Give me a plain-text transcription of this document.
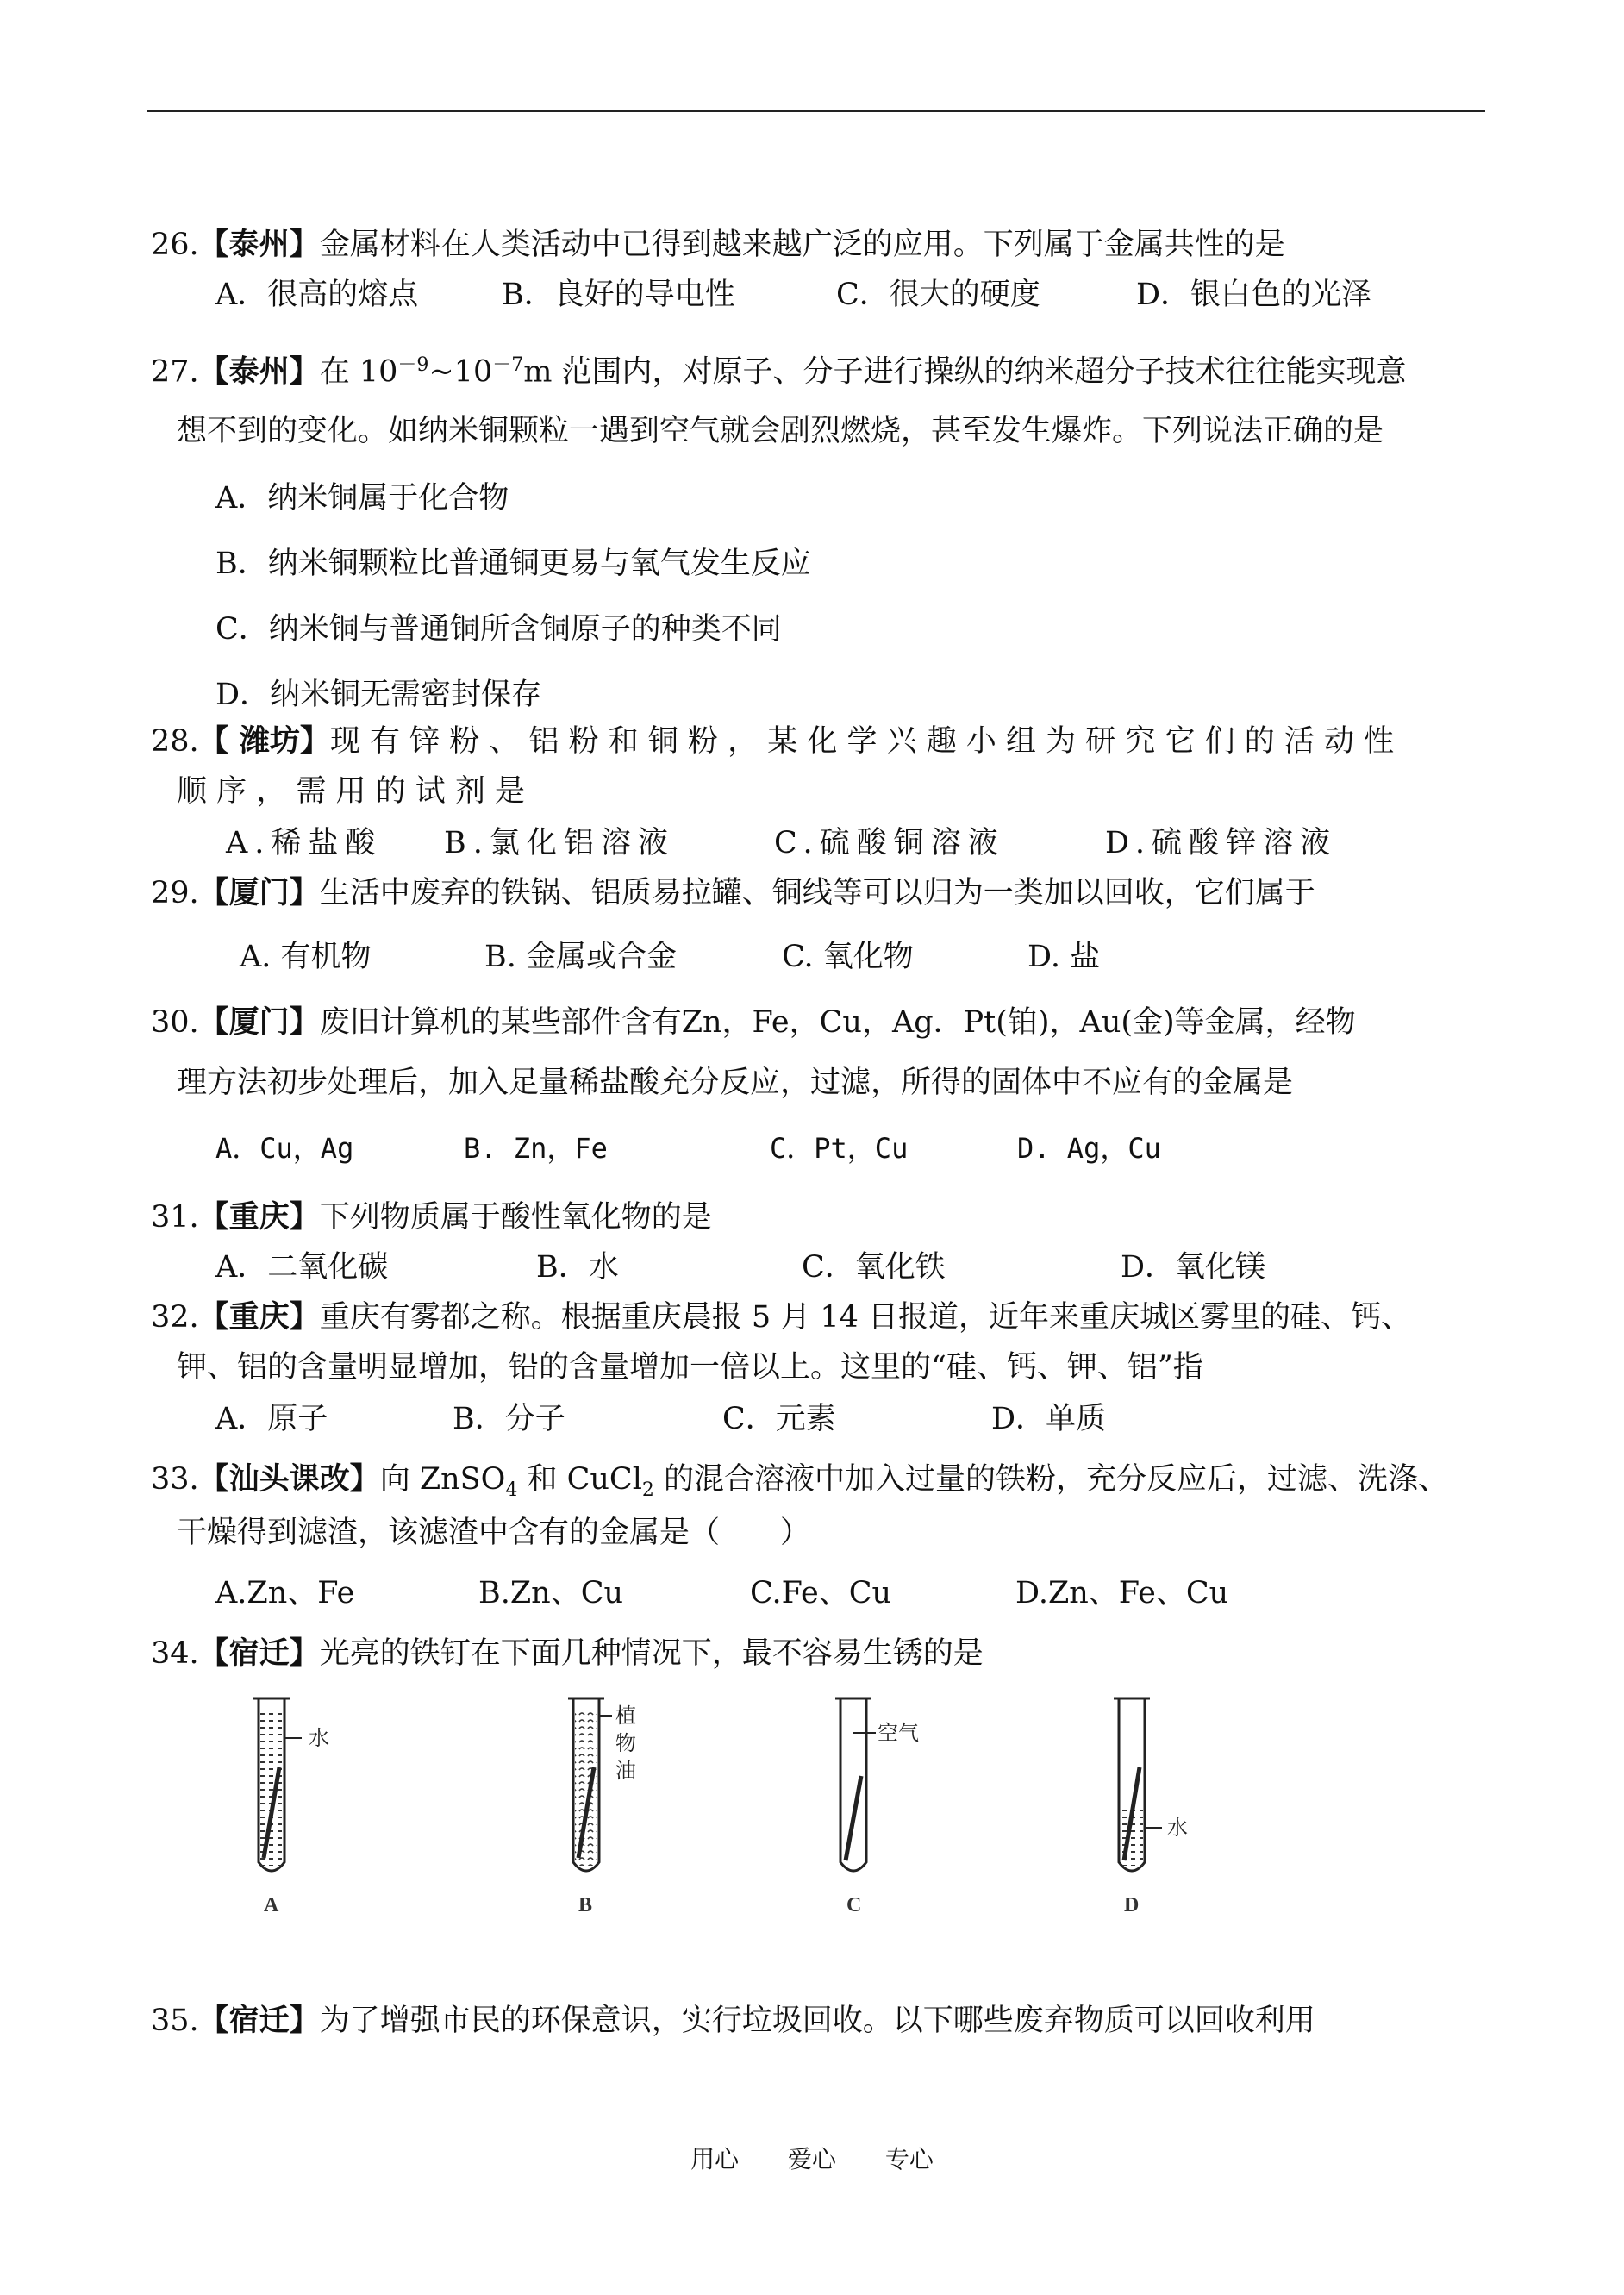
26.【泰州】金属材料在人类活动中已得到越来越广泛的应用。下列属于金属共性的是
A．很高的熔点	B．良好的导电性	C．很大的硬度	D．银白色的光泽
27.【泰州】在 $10^{-9}\sim 10^{-7}m$ 范围内，对原子、分子进行操纵的纳米超分子技术往往能实现意
想不到的变化。如纳米铜颗粒一遇到空气就会剧烈燃烧，甚至发生爆炸。下列说法正确的是
A．纳米铜属于化合物
B．纳米铜颗粒比普通铜更易与氧气发生反应
C．纳米铜与普通铜所含铜原子的种类不同
D．纳米铜无需密封保存
28.【 潍坊】现 有 锌 粉 、 铝 粉 和 铜 粉 ， 某 化 学 兴 趣 小 组 为 研 究 它 们 的 活 动 性
顺 序 ， 需 用 的 试 剂 是
A.稀盐酸 B.氯化铝溶液	C.硫酸铜溶液	D.硫酸锌溶液
29.【厦门】生活中废弃的铁锅、铝质易拉罐、铜线等可以归为一类加以回收，它们属于
A. 有机物	B. 金属或合金	C. 氧化物	D. 盐
30.【厦门】废旧计算机的某些部件含有Zn，Fe，Cu，Ag．Pt(铂)，Au(金)等金属，经物
理方法初步处理后，加入足量稀盐酸充分反应，过滤，所得的固体中不应有的金属是
A．Cu，Ag	B. Zn，Fe	C．Pt，Cu	D. Ag，Cu
31.【重庆】下列物质属于酸性氧化物的是
A．二氧化碳	B．水	C．氧化铁	D．氧化镁
32.【重庆】重庆有雾都之称。根据重庆晨报 5 月 14 日报道，近年来重庆城区雾里的硅、钙、
钾、铝的含量明显增加，铅的含量增加一倍以上。这里的“硅、钙、钾、铝”指
A．原子	B．分子	C．元素	D．单质
33.【汕头课改】向 ZnSO$_4$ 和 CuCl$_2$ 的混合溶液中加入过量的铁粉，充分反应后，过滤、洗涤、
干燥得到滤渣，该滤渣中含有的金属是（　　）
A.Zn、Fe	B.Zn、Cu	C.Fe、Cu	D.Zn、Fe、Cu
34.【宿迁】光亮的铁钉在下面几种情况下，最不容易生锈的是
水
A
植
物
油
B
空气
C
水
D
35.【宿迁】为了增强市民的环保意识，实行垃圾回收。以下哪些废弃物质可以回收利用
用心 爱心 专心
